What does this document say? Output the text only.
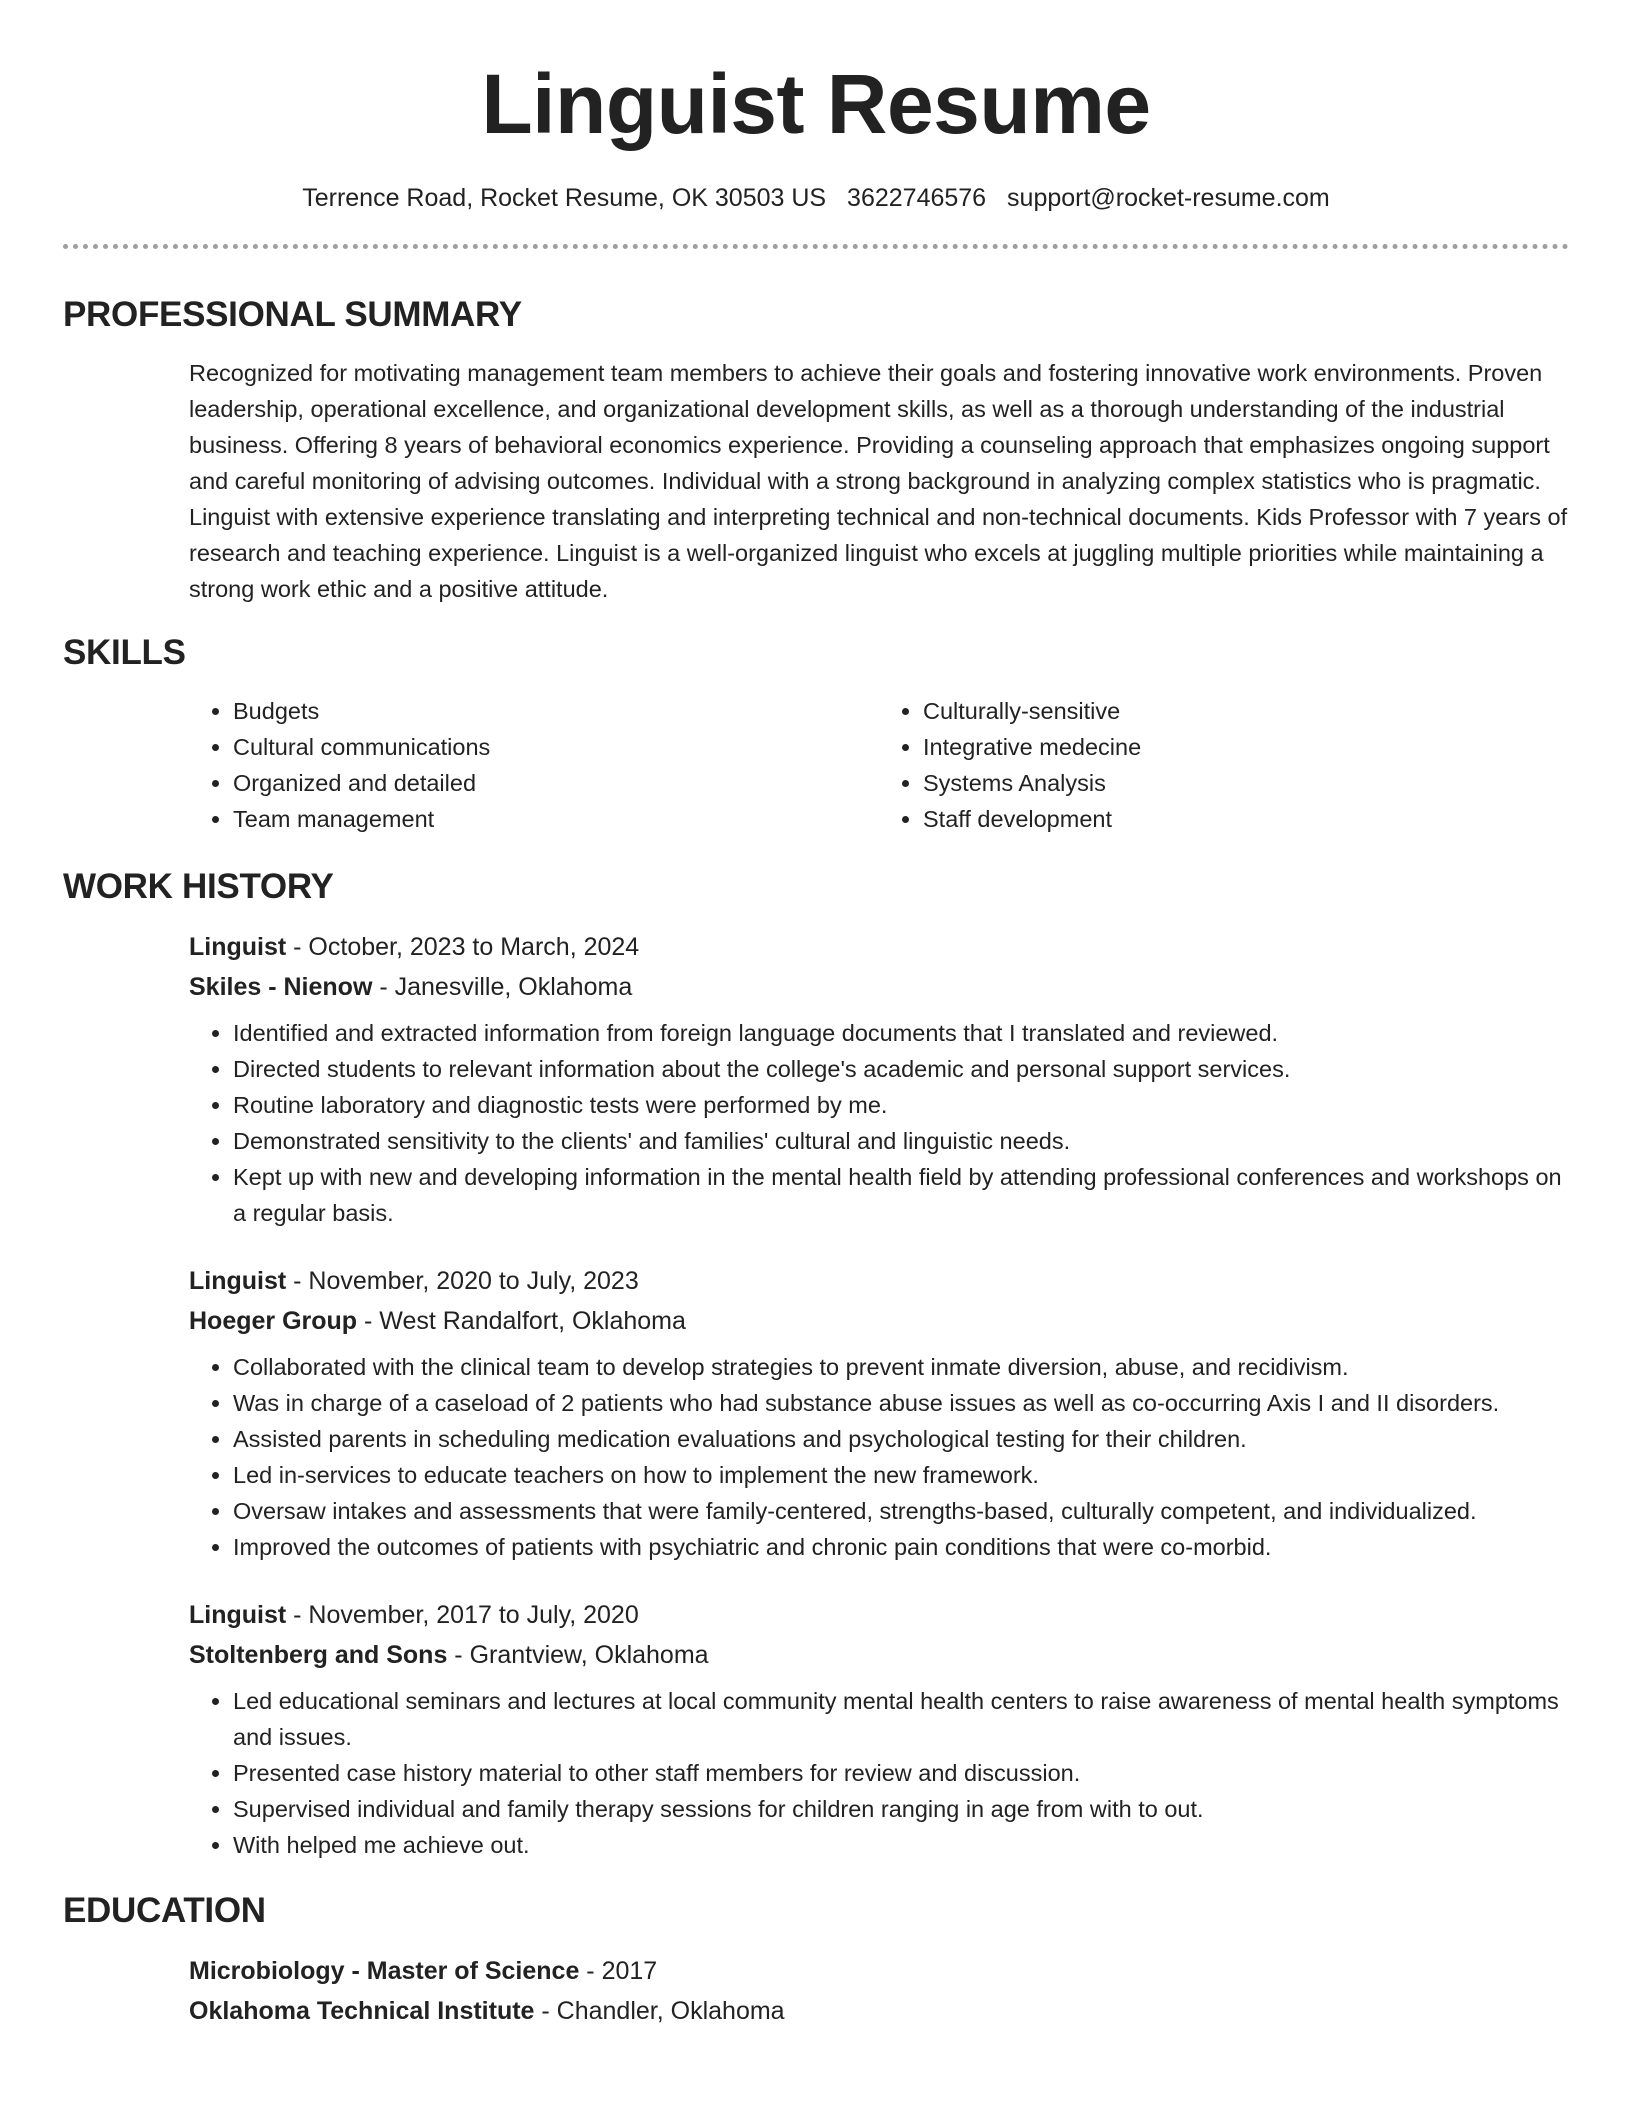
Linguist Resume
Terrence Road, Rocket Resume, OK 30503 US 3622746576 support@rocket-resume.com
PROFESSIONAL SUMMARY

Recognized for motivating management team members to achieve their goals and fostering innovative work environments. Proven leadership, operational excellence, and organizational development skills, as well as a thorough understanding of the industrial business. Offering 8 years of behavioral economics experience. Providing a counseling approach that emphasizes ongoing support and careful monitoring of advising outcomes. Individual with a strong background in analyzing complex statistics who is pragmatic. Linguist with extensive experience translating and interpreting technical and non-technical documents. Kids Professor with 7 years of research and teaching experience. Linguist is a well-organized linguist who excels at juggling multiple priorities while maintaining a strong work ethic and a positive attitude.

SKILLS
• Budgets
• Cultural communications
• Organized and detailed
• Team management
• Culturally-sensitive
• Integrative medecine
• Systems Analysis
• Staff development
WORK HISTORY
Linguist - October, 2023 to March, 2024
Skiles - Nienow - Janesville, Oklahoma
• Identified and extracted information from foreign language documents that I translated and reviewed.
• Directed students to relevant information about the college's academic and personal support services.
• Routine laboratory and diagnostic tests were performed by me.
• Demonstrated sensitivity to the clients' and families' cultural and linguistic needs.
• Kept up with new and developing information in the mental health field by attending professional conferences and workshops on a regular basis.
Linguist - November, 2020 to July, 2023
Hoeger Group - West Randalfort, Oklahoma
• Collaborated with the clinical team to develop strategies to prevent inmate diversion, abuse, and recidivism.
• Was in charge of a caseload of 2 patients who had substance abuse issues as well as co-occurring Axis I and II disorders.
• Assisted parents in scheduling medication evaluations and psychological testing for their children.
• Led in-services to educate teachers on how to implement the new framework.
• Oversaw intakes and assessments that were family-centered, strengths-based, culturally competent, and individualized.
• Improved the outcomes of patients with psychiatric and chronic pain conditions that were co-morbid.
Linguist - November, 2017 to July, 2020
Stoltenberg and Sons - Grantview, Oklahoma
• Led educational seminars and lectures at local community mental health centers to raise awareness of mental health symptoms and issues.
• Presented case history material to other staff members for review and discussion.
• Supervised individual and family therapy sessions for children ranging in age from with to out.
• With helped me achieve out.
EDUCATION
Microbiology - Master of Science - 2017
Oklahoma Technical Institute - Chandler, Oklahoma
